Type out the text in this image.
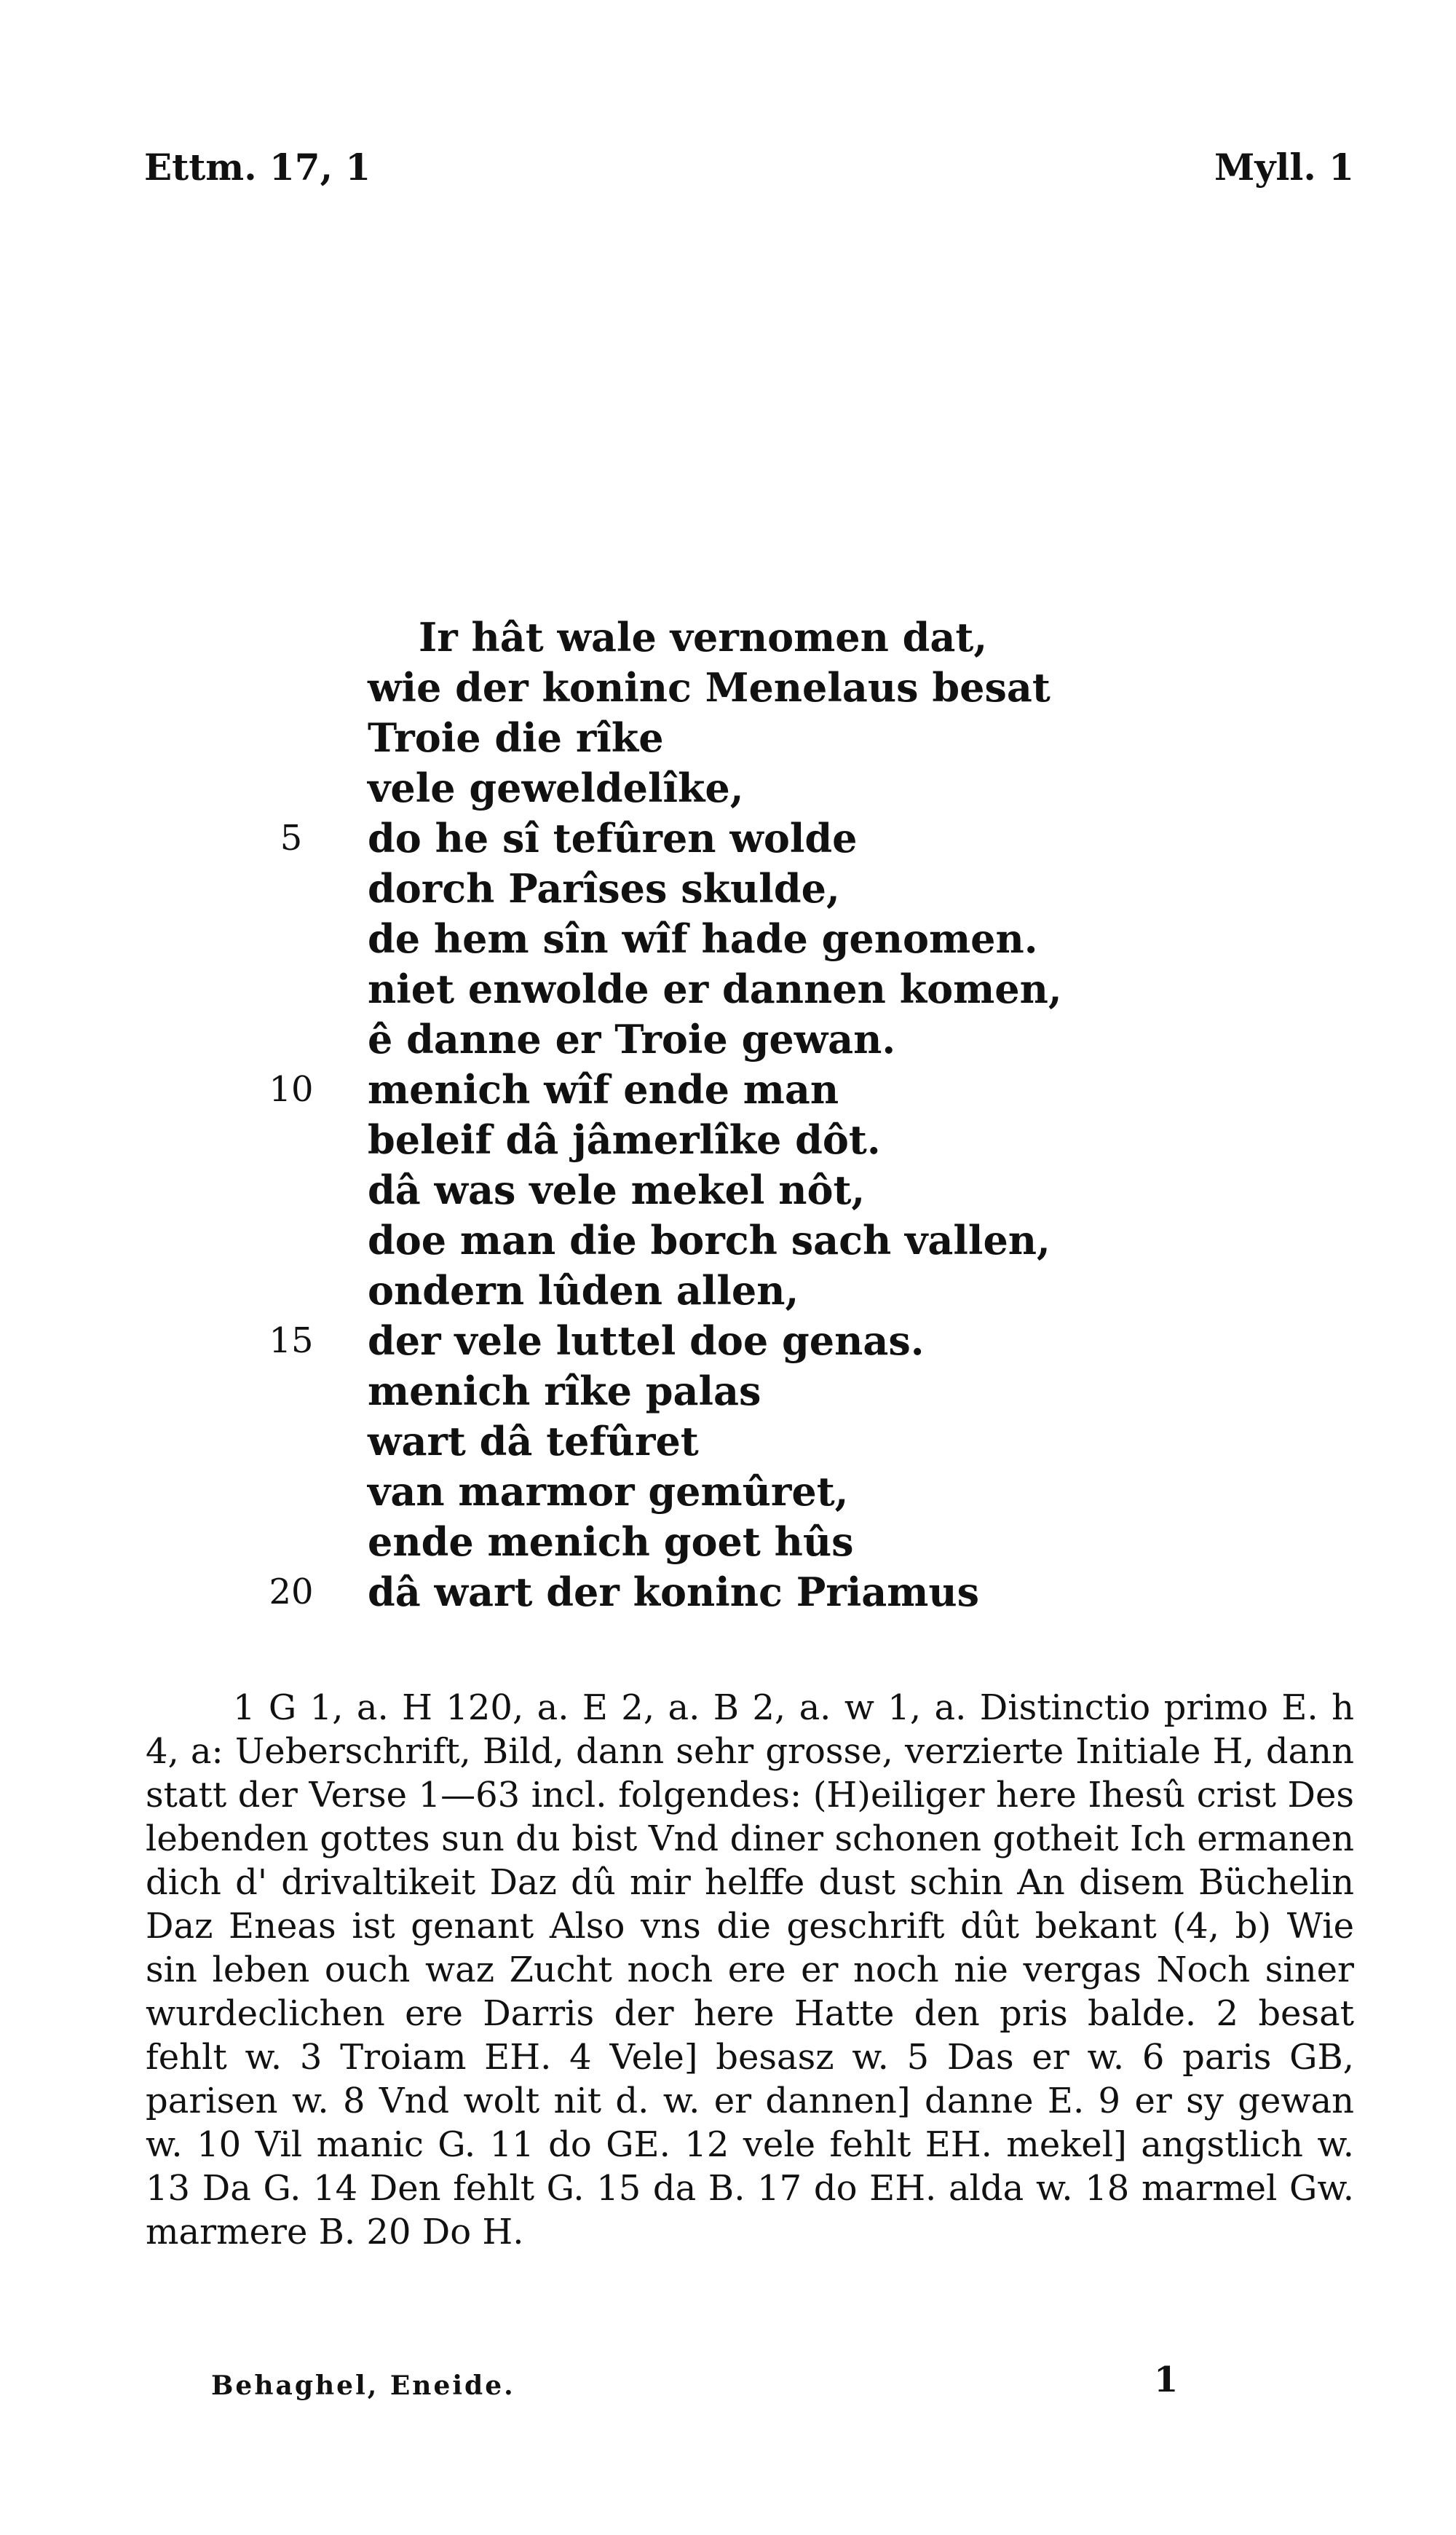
Ettm. 17, 1	Myll. 1
Ir hât wale vernomen dat,
wie der koninc Menelaus besat
Troie die rîke
vele geweldelîke,
do he sî tefûren wolde
dorch Parîses skulde,
de hem sîn wîf hade genomen.
niet enwolde er dannen komen,
ê danne er Troie gewan.
menich wîf ende man
beleif dâ jâmerlîke dôt.
dâ was vele mekel nôt,
doe man die borch sach vallen,
ondern lûden allen,
der vele luttel doe genas.
menich rîke palas
wart dâ tefûret
van marmor gemûret,
ende menich goet hûs
dâ wart der koninc Priamus
5
10
15
20

1 G 1, a. H 120, a. E 2, a. B 2, a. w 1, a. Distinctio primo E. h 4, a: Ueberschrift, Bild, dann sehr grosse, verzierte Initiale H, dann statt der Verse 1—63 incl. folgendes: (H)eiliger here Ihesû crist Des lebenden gottes sun du bist Vnd diner schonen gotheit Ich ermanen dich d' drivaltikeit Daz dû mir helffe dust schin An disem Büchelin Daz Eneas ist genant Also vns die geschrift dût bekant (4, b) Wie sin leben ouch waz Zucht noch ere er noch nie vergas Noch siner wurdeclichen ere Darris der here Hatte den pris balde. 2 besat fehlt w. 3 Troiam EH. 4 Vele] besasz w. 5 Das er w. 6 paris GB, parisen w. 8 Vnd wolt nit d. w. er dannen] danne E. 9 er sy gewan w. 10 Vil manic G. 11 do GE. 12 vele fehlt EH. mekel] angstlich w. 13 Da G. 14 Den fehlt G. 15 da B. 17 do EH. alda w. 18 marmel Gw. marmere B. 20 Do H.

Behaghel, Eneide.	1
